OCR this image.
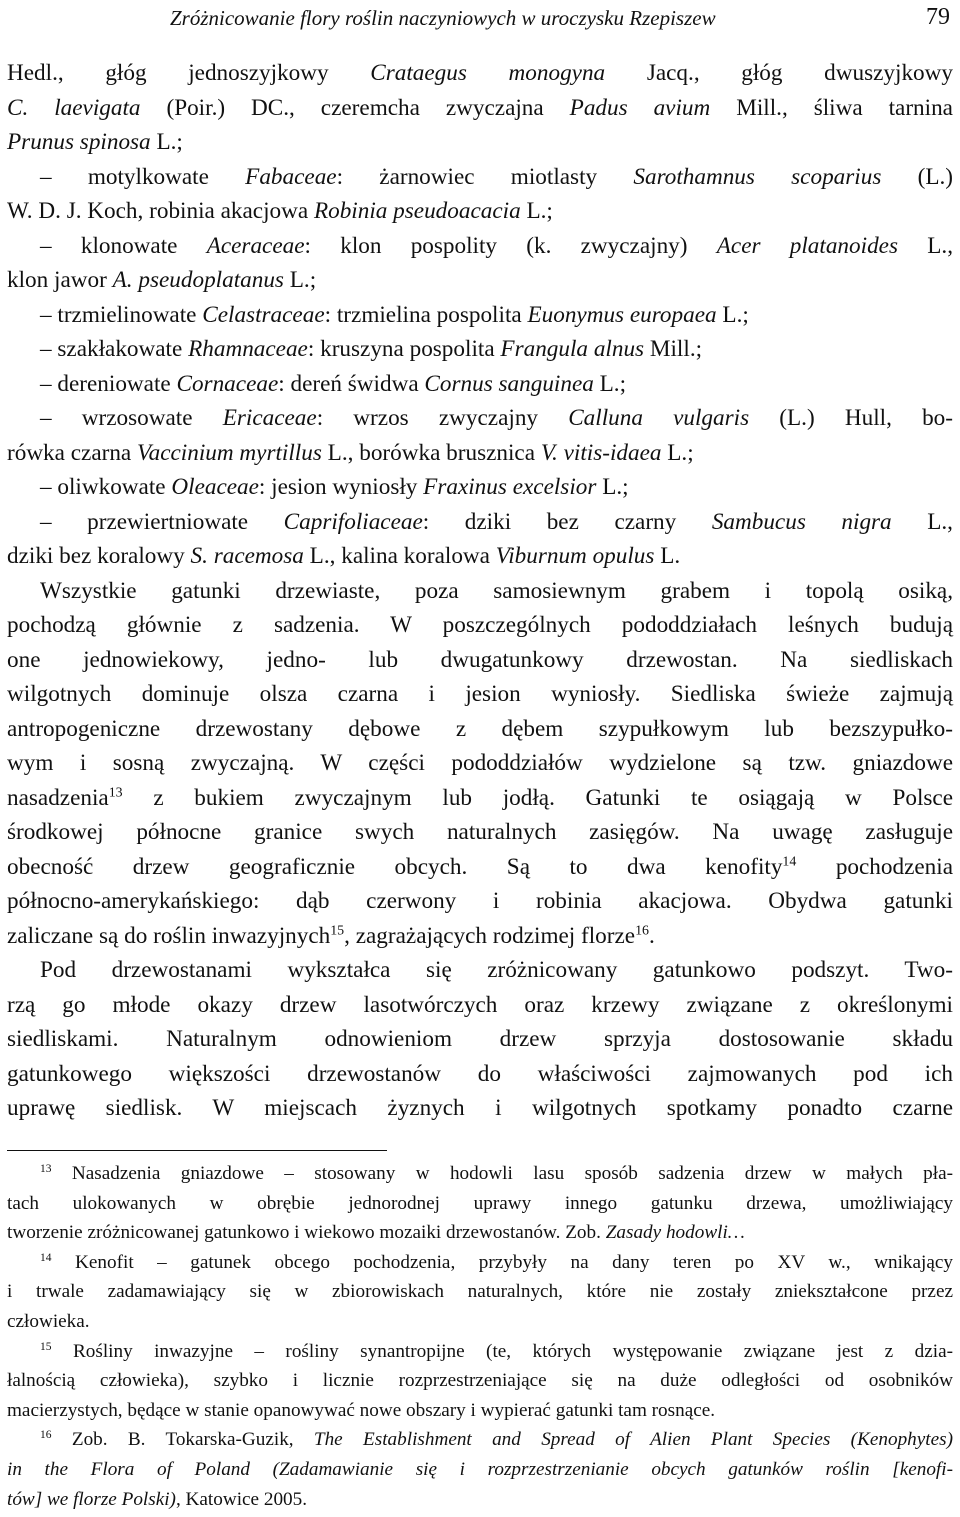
Zróżnicowanie flory roślin naczyniowych w uroczysku Rzepiszew	79
Hedl., głóg jednoszyjkowy Crataegus monogyna Jacq., głóg dwuszyjkowy
C. laevigata (Poir.) DC., czeremcha zwyczajna Padus avium Mill., śliwa tarnina
Prunus spinosa L.;
– motylkowate Fabaceae: żarnowiec miotlasty Sarothamnus scoparius (L.)
W. D. J. Koch, robinia akacjowa Robinia pseudoacacia L.;
– klonowate Aceraceae: klon pospolity (k. zwyczajny) Acer platanoides L.,
klon jawor A. pseudoplatanus L.;
– trzmielinowate Celastraceae: trzmielina pospolita Euonymus europaea L.;
– szakłakowate Rhamnaceae: kruszyna pospolita Frangula alnus Mill.;
– dereniowate Cornaceae: dereń świdwa Cornus sanguinea L.;
– wrzosowate Ericaceae: wrzos zwyczajny Calluna vulgaris (L.) Hull, bo-
rówka czarna Vaccinium myrtillus L., borówka brusznica V. vitis-idaea L.;
– oliwkowate Oleaceae: jesion wyniosły Fraxinus excelsior L.;
– przewiertniowate Caprifoliaceae: dziki bez czarny Sambucus nigra L.,
dziki bez koralowy S. racemosa L., kalina koralowa Viburnum opulus L.
Wszystkie gatunki drzewiaste, poza samosiewnym grabem i topolą osiką,
pochodzą głównie z sadzenia. W poszczególnych pododdziałach leśnych budują
one jednowiekowy, jedno- lub dwugatunkowy drzewostan. Na siedliskach
wilgotnych dominuje olsza czarna i jesion wyniosły. Siedliska świeże zajmują
antropogeniczne drzewostany dębowe z dębem szypułkowym lub bezszypułko-
wym i sosną zwyczajną. W części pododdziałów wydzielone są tzw. gniazdowe
nasadzenia$^{13}$ z bukiem zwyczajnym lub jodłą. Gatunki te osiągają w Polsce
środkowej północne granice swych naturalnych zasięgów. Na uwagę zasługuje
obecność drzew geograficznie obcych. Są to dwa kenofity$^{14}$ pochodzenia
północno-amerykańskiego: dąb czerwony i robinia akacjowa. Obydwa gatunki
zaliczane są do roślin inwazyjnych$^{15}$, zagrażających rodzimej florze$^{16}$.
Pod drzewostanami wykształca się zróżnicowany gatunkowo podszyt. Two-
rzą go młode okazy drzew lasotwórczych oraz krzewy związane z określonymi
siedliskami. Naturalnym odnowieniom drzew sprzyja dostosowanie składu
gatunkowego większości drzewostanów do właściwości zajmowanych pod ich
uprawę siedlisk. W miejscach żyznych i wilgotnych spotkamy ponadto czarne
$^{13}$ Nasadzenia gniazdowe – stosowany w hodowli lasu sposób sadzenia drzew w małych pła-
tach ulokowanych w obrębie jednorodnej uprawy innego gatunku drzewa, umożliwiający
tworzenie zróżnicowanej gatunkowo i wiekowo mozaiki drzewostanów. Zob. Zasady hodowli…
$^{14}$ Kenofit – gatunek obcego pochodzenia, przybyły na dany teren po XV w., wnikający
i trwale zadamawiający się w zbiorowiskach naturalnych, które nie zostały zniekształcone przez
człowieka.
$^{15}$ Rośliny inwazyjne – rośliny synantropijne (te, których występowanie związane jest z dzia-
łalnością człowieka), szybko i licznie rozprzestrzeniające się na duże odległości od osobników
macierzystych, będące w stanie opanowywać nowe obszary i wypierać gatunki tam rosnące.
$^{16}$ Zob. B. Tokarska-Guzik, The Establishment and Spread of Alien Plant Species (Kenophytes)
in the Flora of Poland (Zadamawianie się i rozprzestrzenianie obcych gatunków roślin [kenofi-
tów] we florze Polski), Katowice 2005.
